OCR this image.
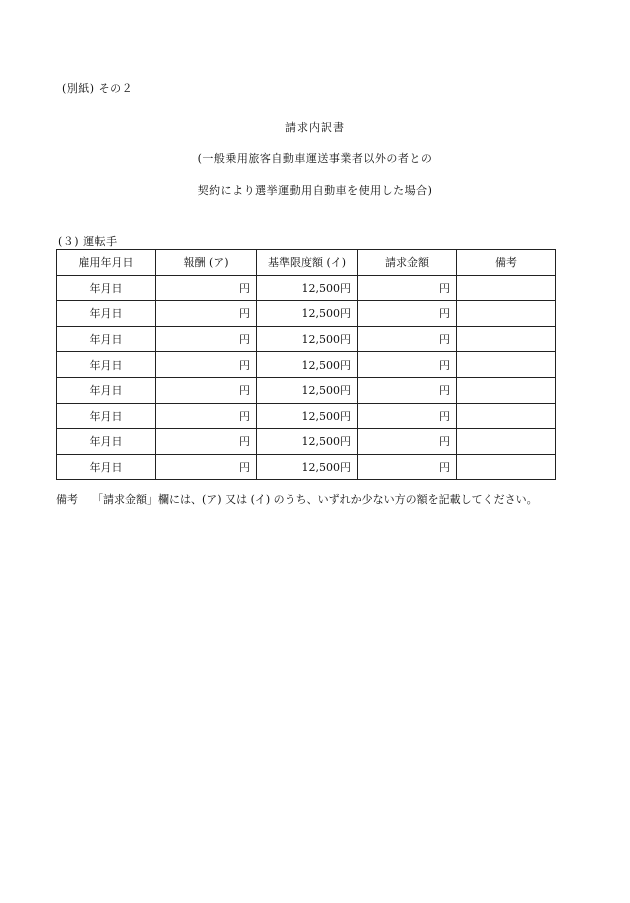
(別紙) その２
請求内訳書
(一般乗用旅客自動車運送事業者以外の者との
契約により選挙運動用自動車を使用した場合)
(３) 運転手
雇用年月日	報酬 (ア)	基準限度額 (イ)	請求金額	備考
年月日	円	12,500円	円	
年月日	円	12,500円	円	
年月日	円	12,500円	円	
年月日	円	12,500円	円	
年月日	円	12,500円	円	
年月日	円	12,500円	円	
年月日	円	12,500円	円	
年月日	円	12,500円	円	
備考 「請求金額」欄には、(ア) 又は (イ) のうち、いずれか少ない方の額を記載してください。
